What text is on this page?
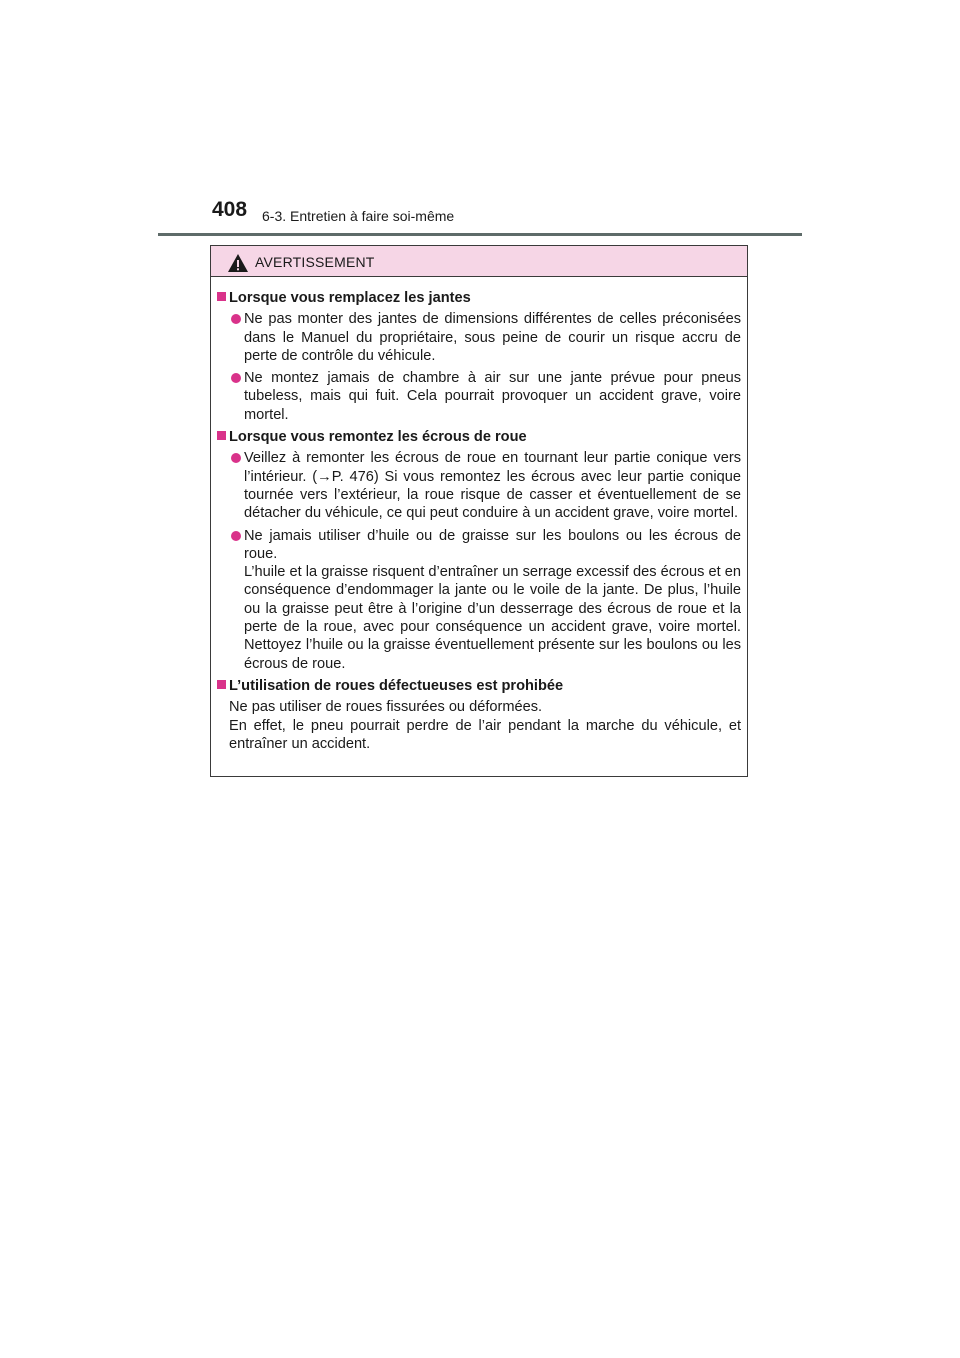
408 6-3. Entretien à faire soi-même
AVERTISSEMENT
Lorsque vous remplacez les jantes
Ne pas monter des jantes de dimensions différentes de celles préconisées dans le Manuel du propriétaire, sous peine de courir un risque accru de perte de contrôle du véhicule.
Ne montez jamais de chambre à air sur une jante prévue pour pneus tubeless, mais qui fuit. Cela pourrait provoquer un accident grave, voire mortel.
Lorsque vous remontez les écrous de roue
Veillez à remonter les écrous de roue en tournant leur partie conique vers l’intérieur. (→P. 476) Si vous remontez les écrous avec leur partie conique tournée vers l’extérieur, la roue risque de casser et éventuellement de se détacher du véhicule, ce qui peut conduire à un accident grave, voire mortel.
Ne jamais utiliser d’huile ou de graisse sur les boulons ou les écrous de roue.
L’huile et la graisse risquent d’entraîner un serrage excessif des écrous et en conséquence d’endommager la jante ou le voile de la jante. De plus, l’huile ou la graisse peut être à l’origine d’un desserrage des écrous de roue et la perte de la roue, avec pour conséquence un accident grave, voire mortel. Nettoyez l’huile ou la graisse éventuellement présente sur les boulons ou les écrous de roue.
L’utilisation de roues défectueuses est prohibée
Ne pas utiliser de roues fissurées ou déformées.
En effet, le pneu pourrait perdre de l’air pendant la marche du véhicule, et entraîner un accident.
